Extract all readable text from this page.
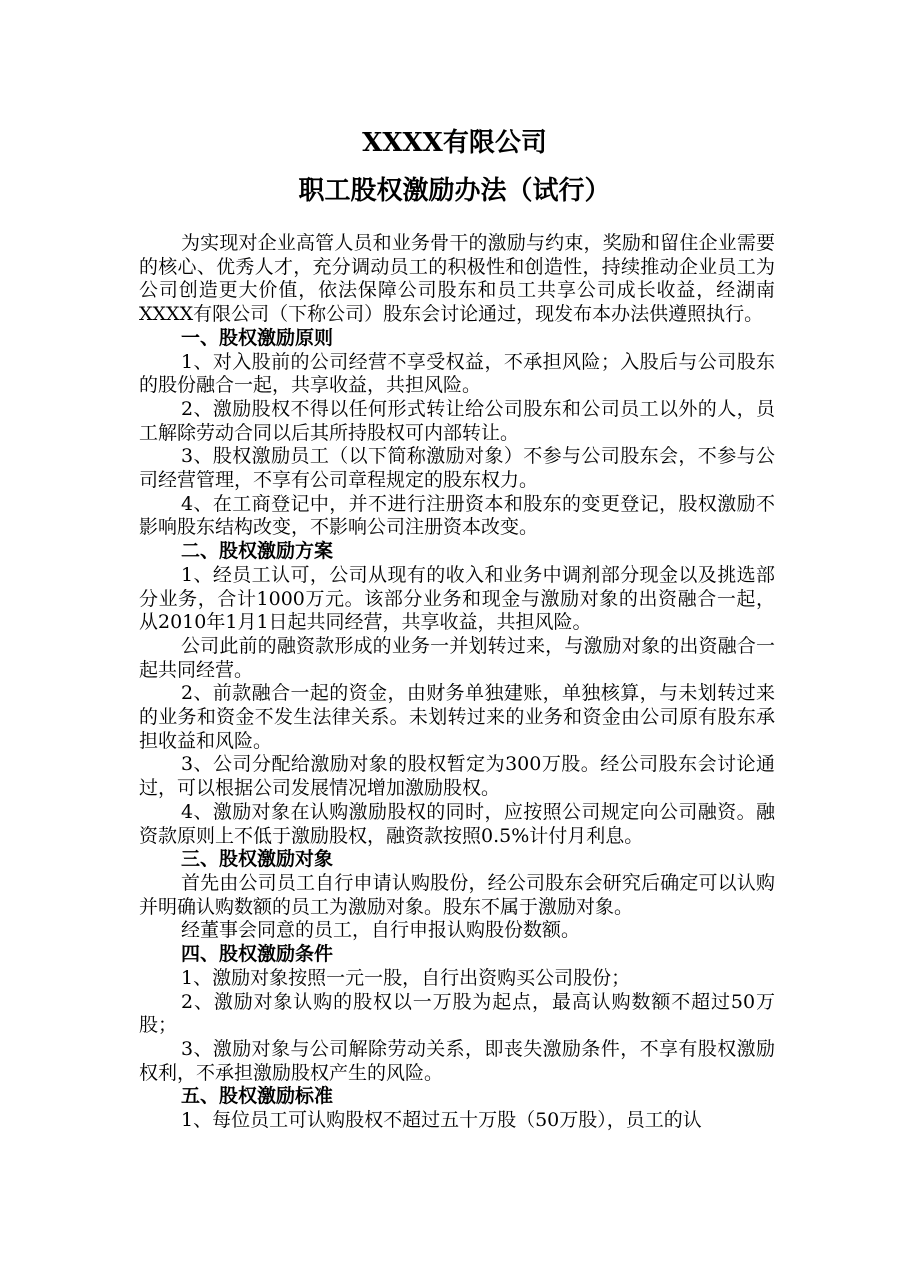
XXXX有限公司
职工股权激励办法（试行）

为实现对企业高管人员和业务骨干的激励与约束，奖励和留住企业需要的核心、优秀人才，充分调动员工的积极性和创造性，持续推动企业员工为公司创造更大价值，依法保障公司股东和员工共享公司成长收益，经湖南XXXX有限公司（下称公司）股东会讨论通过，现发布本办法供遵照执行。

一、股权激励原则

1、对入股前的公司经营不享受权益，不承担风险；入股后与公司股东的股份融合一起，共享收益，共担风险。

2、激励股权不得以任何形式转让给公司股东和公司员工以外的人，员工解除劳动合同以后其所持股权可内部转让。

3、股权激励员工（以下简称激励对象）不参与公司股东会，不参与公司经营管理，不享有公司章程规定的股东权力。

4、在工商登记中，并不进行注册资本和股东的变更登记，股权激励不影响股东结构改变，不影响公司注册资本改变。

二、股权激励方案

1、经员工认可，公司从现有的收入和业务中调剂部分现金以及挑选部分业务，合计1000万元。该部分业务和现金与激励对象的出资融合一起，从2010年1月1日起共同经营，共享收益，共担风险。

公司此前的融资款形成的业务一并划转过来，与激励对象的出资融合一起共同经营。

2、前款融合一起的资金，由财务单独建账，单独核算，与未划转过来的业务和资金不发生法律关系。未划转过来的业务和资金由公司原有股东承担收益和风险。

3、公司分配给激励对象的股权暂定为300万股。经公司股东会讨论通过，可以根据公司发展情况增加激励股权。

4、激励对象在认购激励股权的同时，应按照公司规定向公司融资。融资款原则上不低于激励股权，融资款按照0.5%计付月利息。

三、股权激励对象

首先由公司员工自行申请认购股份，经公司股东会研究后确定可以认购并明确认购数额的员工为激励对象。股东不属于激励对象。

经董事会同意的员工，自行申报认购股份数额。

四、股权激励条件

1、激励对象按照一元一股，自行出资购买公司股份；

2、激励对象认购的股权以一万股为起点，最高认购数额不超过50万股；

3、激励对象与公司解除劳动关系，即丧失激励条件，不享有股权激励权利，不承担激励股权产生的风险。

五、股权激励标准

1、每位员工可认购股权不超过五十万股（50万股），员工的认
